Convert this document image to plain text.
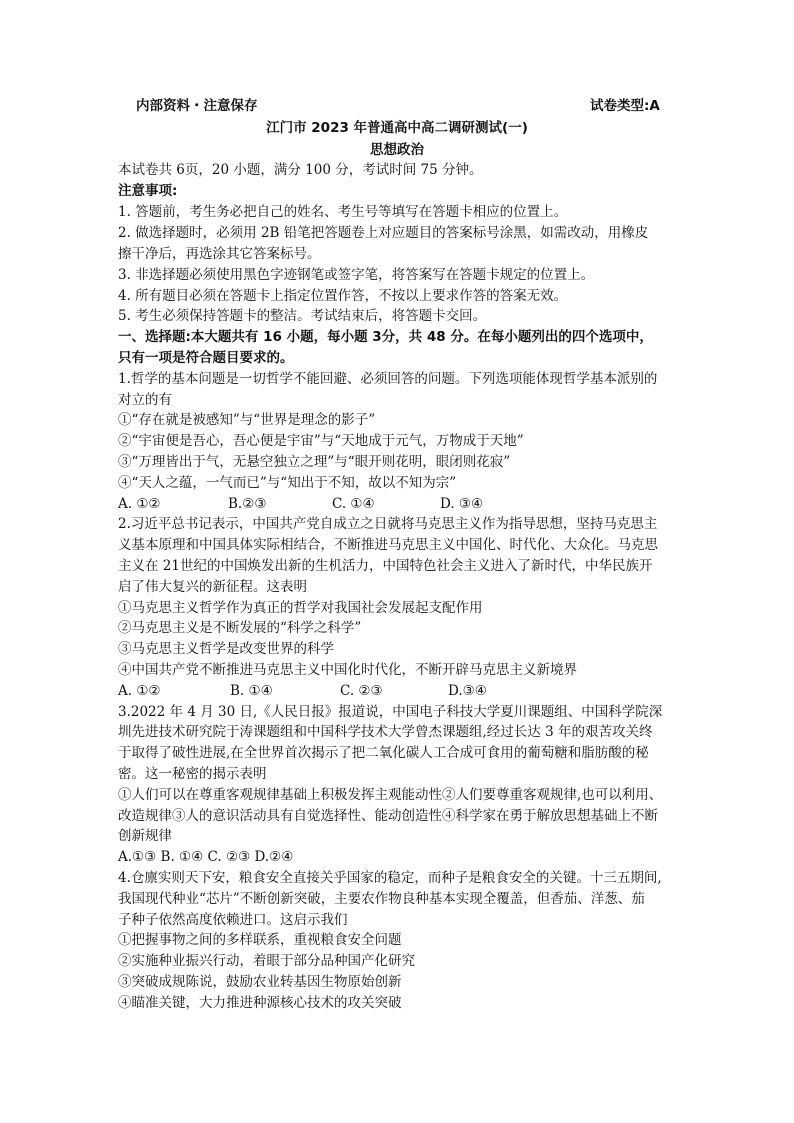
内部资料・注意保存	试卷类型:A
江门市 2023 年普通高中高二调研测试(一)
思想政治
本试卷共 6页，20 小题，满分 100 分，考试时间 75 分钟。
注意事项:
1. 答题前，考生务必把自己的姓名、考生号等填写在答题卡相应的位置上。
2. 做选择题时，必须用 2B 铅笔把答题卷上对应题目的答案标号涂黑，如需改动，用橡皮
擦干净后，再选涂其它答案标号。
3. 非选择题必须使用黑色字迹钢笔或签字笔，将答案写在答题卡规定的位置上。
4. 所有题目必须在答题卡上指定位置作答，不按以上要求作答的答案无效。
5. 考生必须保持答题卡的整洁。考试结束后，将答题卡交回。
一、选择题:本大题共有 16 小题，每小题 3分，共 48 分。在每小题列出的四个选项中，
只有一项是符合题目要求的。
1.哲学的基本问题是一切哲学不能回避、必须回答的问题。下列选项能体现哲学基本派别的
对立的有
①“存在就是被感知”与“世界是理念的影子”
②“宇宙便是吾心，吾心便是宇宙”与“天地成于元气，万物成于天地”
③“万理皆出于气，无悬空独立之理”与“眼开则花明，眼闭则花寂”
④“天人之蕴，一气而已”与“知出于不知，故以不知为宗”
A. ①②	B.②③	C. ①④	D. ③④
2.习近平总书记表示，中国共产党自成立之日就将马克思主义作为指导思想，坚持马克思主
义基本原理和中国具体实际相结合，不断推进马克思主义中国化、时代化、大众化。马克思
主义在 21世纪的中国焕发出新的生机活力，中国特色社会主义进入了新时代，中华民族开
启了伟大复兴的新征程。这表明
①马克思主义哲学作为真正的哲学对我国社会发展起支配作用
②马克思主义是不断发展的“科学之科学”
③马克思主义哲学是改变世界的科学
④中国共产党不断推进马克思主义中国化时代化，不断开辟马克思主义新境界
A. ①②	B. ①④	C. ②③	D.③④
3.2022 年 4 月 30 日,《人民日报》报道说，中国电子科技大学夏川课题组、中国科学院深
圳先进技术研究院于涛课题组和中国科学技术大学曾杰课题组,经过长达 3 年的艰苦攻关终
于取得了破性进展,在全世界首次揭示了把二氧化碳人工合成可食用的葡萄糖和脂肪酸的秘
密。这一秘密的揭示表明
①人们可以在尊重客观规律基础上积极发挥主观能动性②人们要尊重客观规律,也可以利用、
改造规律③人的意识活动具有自觉选择性、能动创造性④科学家在勇于解放思想基础上不断
创新规律
A.①③ B. ①④ C. ②③ D.②④
4.仓廪实则天下安，粮食安全直接关乎国家的稳定，而种子是粮食安全的关键。十三五期间,
我国现代种业“芯片”不断创新突破，主要农作物良种基本实现全覆盖，但香茄、洋葱、茄
子种子依然高度依赖进口。这启示我们
①把握事物之间的多样联系，重视粮食安全问题
②实施种业振兴行动，着眼于部分品种国产化研究
③突破成规陈说，鼓励农业转基因生物原始创新
④瞄准关键，大力推进种源核心技术的攻关突破
